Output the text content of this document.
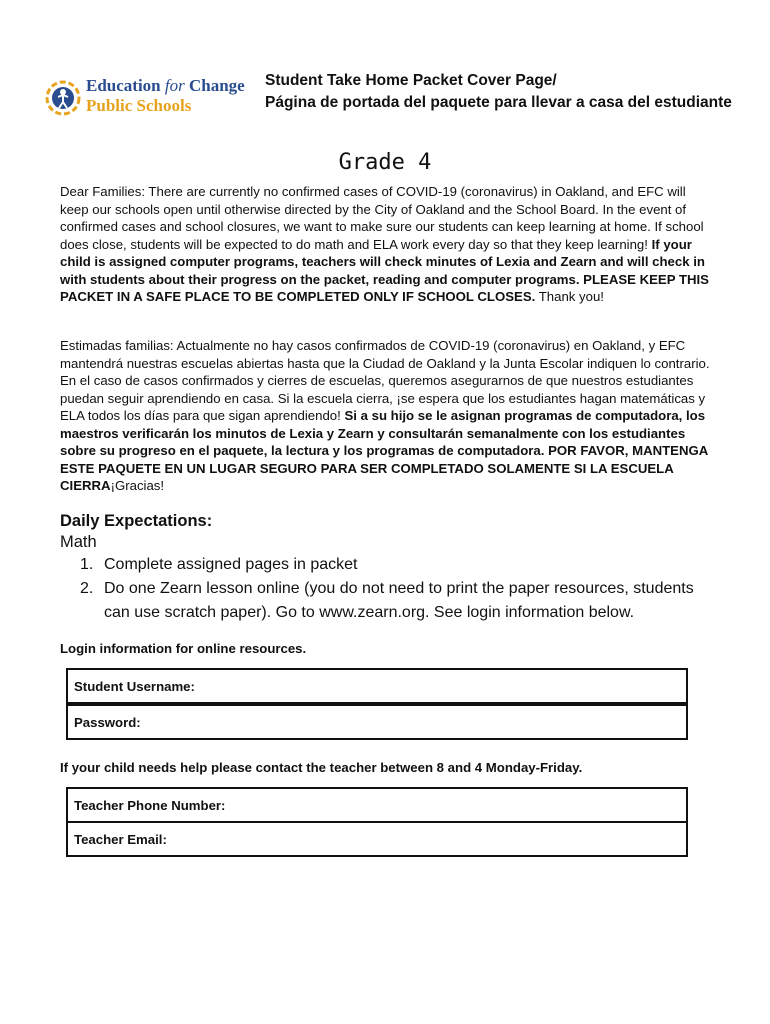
Education for Change
Public Schools
Student Take Home Packet Cover Page/
Página de portada del paquete para llevar a casa del estudiante
Grade 4
Dear Families: There are currently no confirmed cases of COVID-19 (coronavirus) in Oakland, and EFC will keep our schools open until otherwise directed by the City of Oakland and the School Board. In the event of confirmed cases and school closures, we want to make sure our students can keep learning at home. If school does close, students will be expected to do math and ELA work every day so that they keep learning! If your child is assigned computer programs, teachers will check minutes of Lexia and Zearn and will check in with students about their progress on the packet, reading and computer programs. PLEASE KEEP THIS PACKET IN A SAFE PLACE TO BE COMPLETED ONLY IF SCHOOL CLOSES. Thank you!
Estimadas familias: Actualmente no hay casos confirmados de COVID-19 (coronavirus) en Oakland, y EFC mantendrá nuestras escuelas abiertas hasta que la Ciudad de Oakland y la Junta Escolar indiquen lo contrario. En el caso de casos confirmados y cierres de escuelas, queremos asegurarnos de que nuestros estudiantes puedan seguir aprendiendo en casa. Si la escuela cierra, ¡se espera que los estudiantes hagan matemáticas y ELA todos los días para que sigan aprendiendo! Si a su hijo se le asignan programas de computadora, los maestros verificarán los minutos de Lexia y Zearn y consultarán semanalmente con los estudiantes sobre su progreso en el paquete, la lectura y los programas de computadora. POR FAVOR, MANTENGA ESTE PAQUETE EN UN LUGAR SEGURO PARA SER COMPLETADO SOLAMENTE SI LA ESCUELA CIERRA¡Gracias!
Daily Expectations:
Math
1. Complete assigned pages in packet
2. Do one Zearn lesson online (you do not need to print the paper resources, students can use scratch paper). Go to www.zearn.org. See login information below.
Login information for online resources.
Student Username:
Password:
If your child needs help please contact the teacher between 8 and 4 Monday-Friday.
Teacher Phone Number:
Teacher Email:
